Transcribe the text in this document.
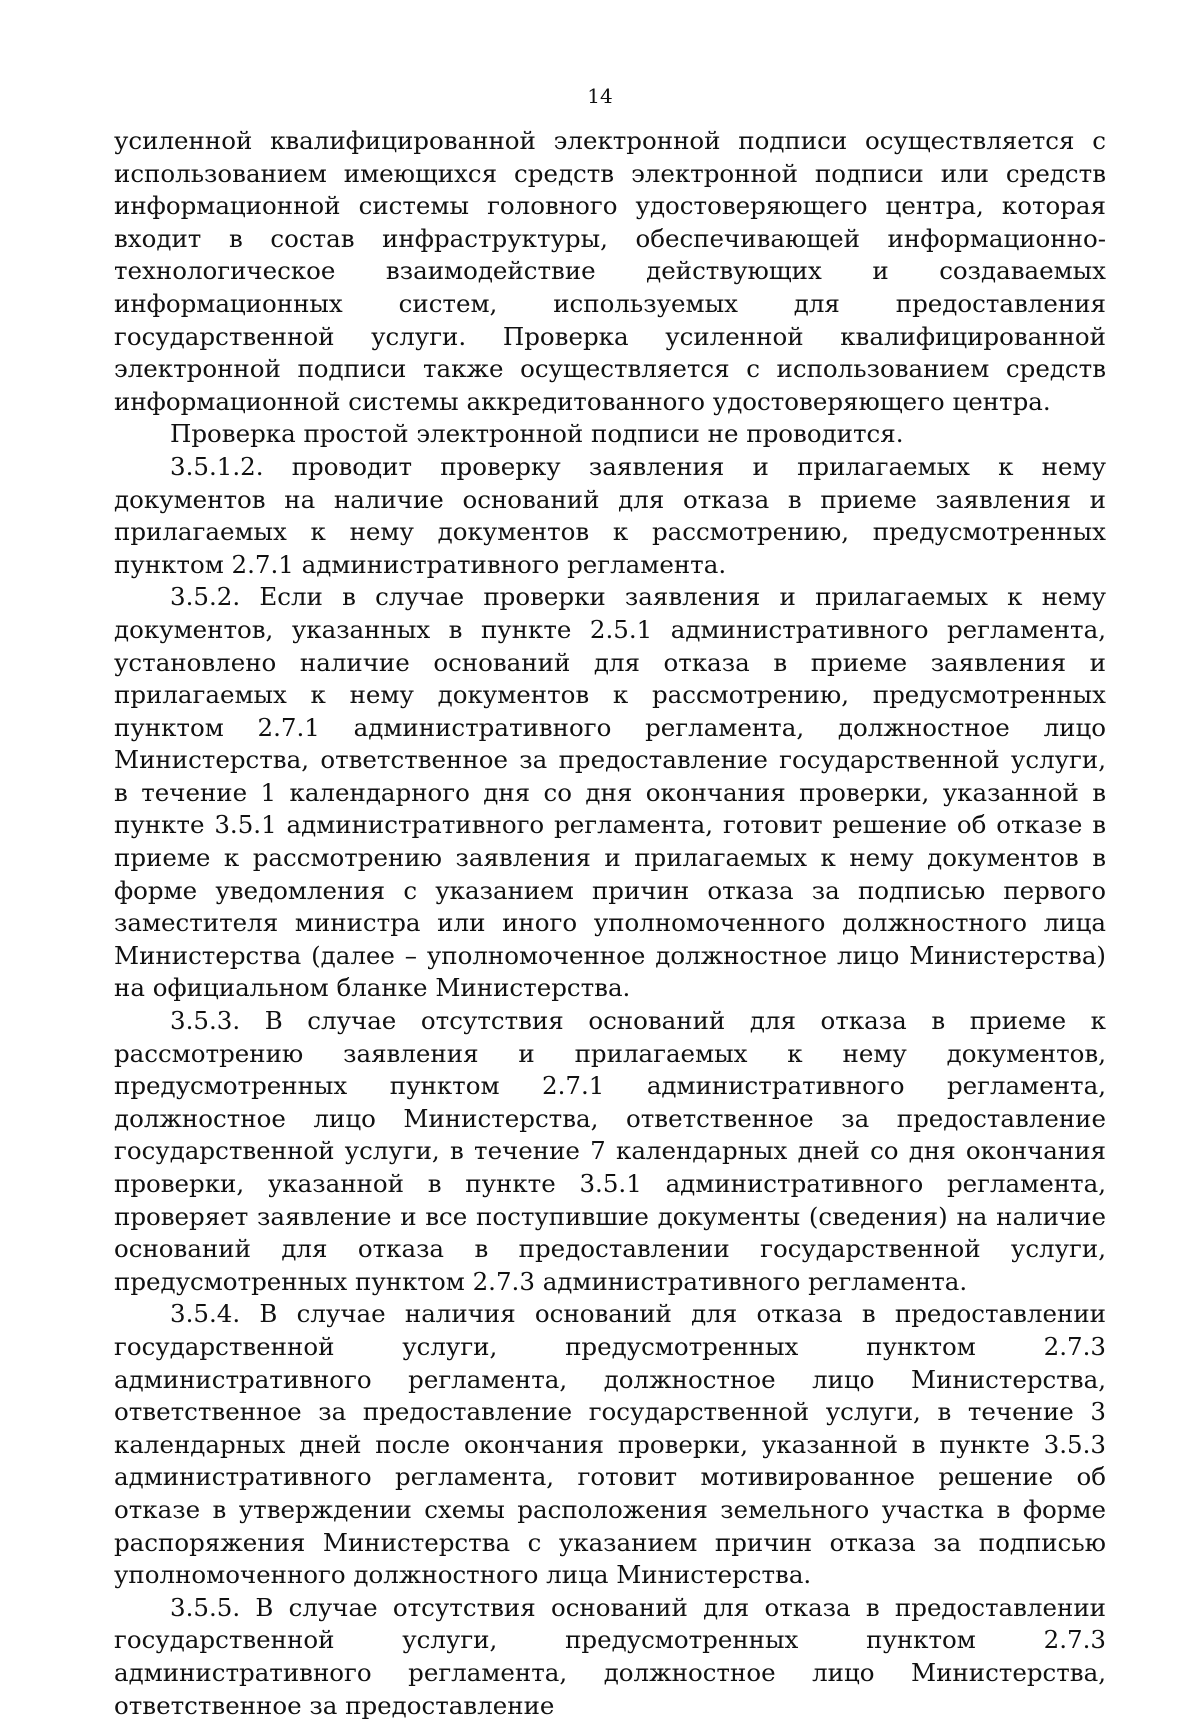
14

усиленной квалифицированной электронной подписи осуществляется с использованием имеющихся средств электронной подписи или средств информационной системы головного удостоверяющего центра, которая входит в состав инфраструктуры, обеспечивающей информационно-технологическое взаимодействие действующих и создаваемых информационных систем, используемых для предоставления государственной услуги. Проверка усиленной квалифицированной электронной подписи также осуществляется с использованием средств информационной системы аккредитованного удостоверяющего центра.

Проверка простой электронной подписи не проводится.

3.5.1.2. проводит проверку заявления и прилагаемых к нему документов на наличие оснований для отказа в приеме заявления и прилагаемых к нему документов к рассмотрению, предусмотренных пунктом 2.7.1 административного регламента.

3.5.2. Если в случае проверки заявления и прилагаемых к нему документов, указанных в пункте 2.5.1 административного регламента, установлено наличие оснований для отказа в приеме заявления и прилагаемых к нему документов к рассмотрению, предусмотренных пунктом 2.7.1 административного регламента, должностное лицо Министерства, ответственное за предоставление государственной услуги, в течение 1 календарного дня со дня окончания проверки, указанной в пункте 3.5.1 административного регламента, готовит решение об отказе в приеме к рассмотрению заявления и прилагаемых к нему документов в форме уведомления с указанием причин отказа за подписью первого заместителя министра или иного уполномоченного должностного лица Министерства (далее – уполномоченное должностное лицо Министерства) на официальном бланке Министерства.

3.5.3. В случае отсутствия оснований для отказа в приеме к рассмотрению заявления и прилагаемых к нему документов, предусмотренных пунктом 2.7.1 административного регламента, должностное лицо Министерства, ответственное за предоставление государственной услуги, в течение 7 календарных дней со дня окончания проверки, указанной в пункте 3.5.1 административного регламента, проверяет заявление и все поступившие документы (сведения) на наличие оснований для отказа в предоставлении государственной услуги, предусмотренных пунктом 2.7.3 административного регламента.

3.5.4. В случае наличия оснований для отказа в предоставлении государственной услуги, предусмотренных пунктом 2.7.3 административного регламента, должностное лицо Министерства, ответственное за предоставление государственной услуги, в течение 3 календарных дней после окончания проверки, указанной в пункте 3.5.3 административного регламента, готовит мотивированное решение об отказе в утверждении схемы расположения земельного участка в форме распоряжения Министерства с указанием причин отказа за подписью уполномоченного должностного лица Министерства.

3.5.5. В случае отсутствия оснований для отказа в предоставлении государственной услуги, предусмотренных пунктом 2.7.3 административного регламента, должностное лицо Министерства, ответственное за предоставление
